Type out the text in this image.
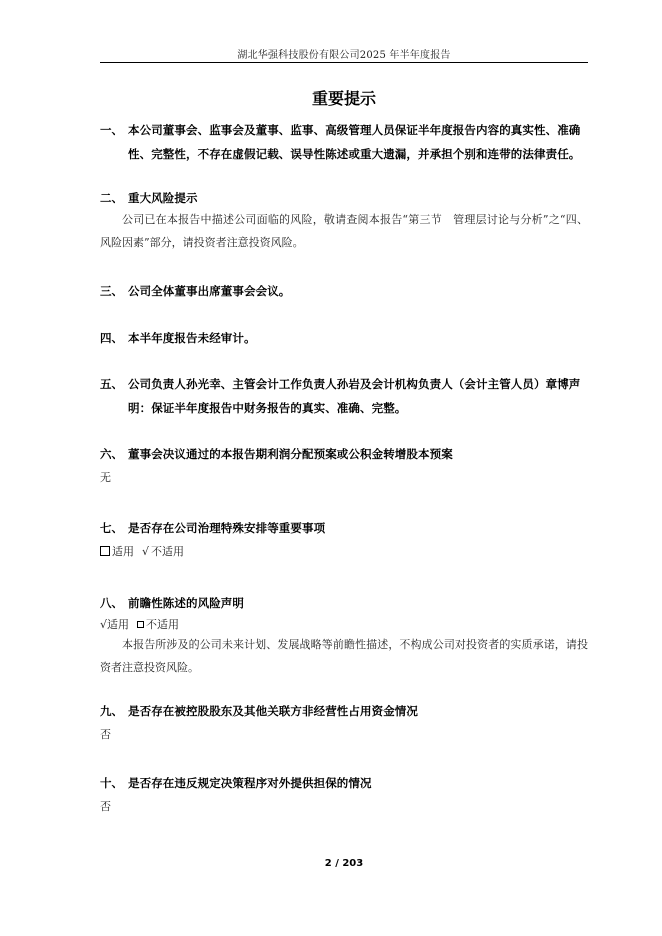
湖北华强科技股份有限公司2025 年半年度报告
重要提示
一、 本公司董事会、监事会及董事、监事、高级管理人员保证半年度报告内容的真实性、准确性、完整性，不存在虚假记载、误导性陈述或重大遗漏，并承担个别和连带的法律责任。
二、 重大风险提示
公司已在本报告中描述公司面临的风险，敬请查阅本报告“第三节　管理层讨论与分析”之“四、风险因素”部分，请投资者注意投资风险。
三、 公司全体董事出席董事会会议。
四、 本半年度报告未经审计。
五、 公司负责人孙光幸、主管会计工作负责人孙岩及会计机构负责人（会计主管人员）章博声明：保证半年度报告中财务报告的真实、准确、完整。
六、 董事会决议通过的本报告期利润分配预案或公积金转增股本预案
无
七、 是否存在公司治理特殊安排等重要事项
适用 √ 不适用
八、 前瞻性陈述的风险声明
√适用 不适用
本报告所涉及的公司未来计划、发展战略等前瞻性描述，不构成公司对投资者的实质承诺，请投资者注意投资风险。
九、 是否存在被控股股东及其他关联方非经营性占用资金情况
否
十、 是否存在违反规定决策程序对外提供担保的情况
否
2 / 203
